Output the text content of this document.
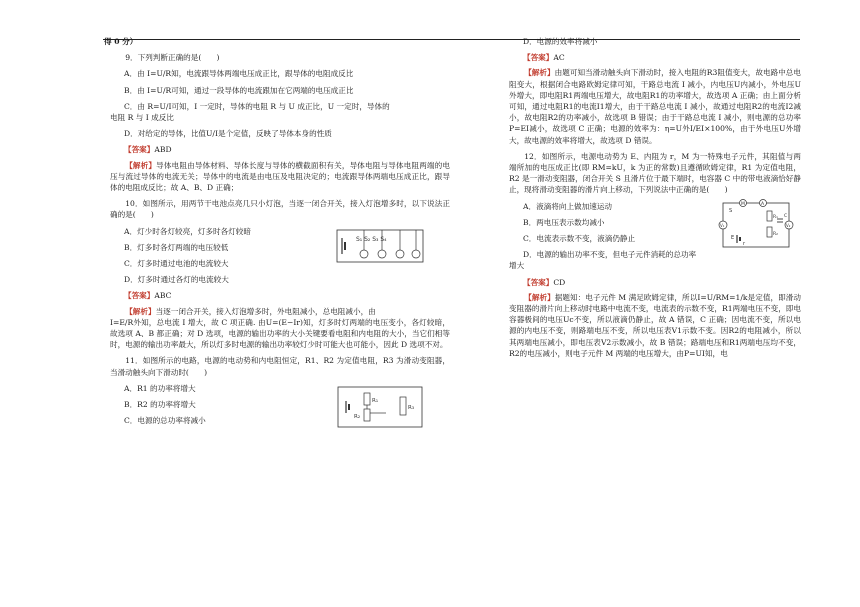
得 0 分）

9．下列判断正确的是(　　)

A．由 I=U/R知，电流跟导体两端电压成正比，跟导体的电阻成反比

B．由 I=U/R可知，通过一段导体的电流跟加在它两端的电压成正比

C．由 R=U/I可知，I 一定时，导体的电阻 R 与 U 成正比，U 一定时，导体的

电阻 R 与 I 成反比

D．对给定的导体，比值U/I是个定值，反映了导体本身的性质

【答案】ABD

【解析】导体电阻由导体材料、导体长度与导体的横截面积有关，导体电阻与导体电阻两端的电压与流过导体的电流无关；导体中的电流是由电压及电阻决定的；电流跟导体两端电压成正比，跟导体的电阻成反比；故 A、B、D 正确；

10．如图所示，用两节干电池点亮几只小灯泡，当逐一闭合开关，接入灯泡增多时，以下说法正确的是(　　)

A．灯少时各灯较亮，灯多时各灯较暗

B．灯多时各灯两端的电压较低

C．灯多时通过电池的电流较大

D．灯多时通过各灯的电流较大

S₁ S₂ S₃ S₄

【答案】ABC

【解析】当逐一闭合开关，接入灯泡增多时，外电阻减小，总电阻减小，由

I=E/R外知，总电流 I 增大，故 C 项正确. 由U=(E−Ir)知，灯多时灯两端的电压变小，各灯较暗，故选项 A、B 都正确；对 D 选项，电源的输出功率的大小关键要看电阻和内电阻的大小，当它们相等时，电源的输出功率最大，所以灯多时电源的输出功率较灯少时可能大也可能小，因此 D 选项不对。

11．如图所示的电路，电源的电动势和内电阻恒定，R1、R2 为定值电阻，R3 为滑动变阻器，当滑动触头向下滑动时(　　)

A．R1 的功率将增大

B．R2 的功率将增大

C．电源的总功率将减小

R₁
R₂
R₃

D．电源的效率将减小

【答案】AC

【解析】由题可知当滑动触头向下滑动时，接入电阻的R3阻值变大，故电路中总电阻变大，根据闭合电路欧姆定律可知，干路总电流 I 减小，内电压U内减小，外电压U外增大，即电阻R1两端电压增大，故电阻R1的功率增大，故选项 A 正确；由上面分析可知，通过电阻R1的电流I1增大，由于干路总电流 I 减小，故通过电阻R2的电流I2减小，故电阻R2的功率减小，故选项 B 错误；由于干路总电流 I 减小，则电源的总功率P=EI减小，故选项 C 正确；电源的效率为：η=U外I/EI×100%，由于外电压U外增大，故电源的效率将增大，故选项 D 错误。

12．如图所示，电源电动势为 E、内阻为 r，M 为一特殊电子元件，其阻值与两端所加的电压成正比(即 RM=kU，k 为正的常数)且遵循欧姆定律，R1 为定值电阻，R2 是一滑动变阻器，闭合开关 S 且滑片位于最下端时，电容器 C 中的带电液滴恰好静止，现将滑动变阻器的滑片向上移动，下列说法中正确的是(　　)

A．液滴将向上做加速运动

B．两电压表示数均减小

C．电流表示数不变，液滴仍静止

D．电源的输出功率不变，但电子元件消耗的总功率

增大

S
M	A
R₁
R₂
C
V₁	V₂
E
r

【答案】CD

【解析】据题知：电子元件 M 满足欧姆定律，所以I=U/RM=1/k是定值，即滑动变阻器的滑片向上移动时电路中电流不变，电流表的示数不变，R1两端电压不变，即电容器极间的电压Uc不变，所以液滴仍静止，故 A 错误，C 正确；因电流不变，所以电源的内电压不变，则路端电压不变，所以电压表V1示数不变。因R2的电阻减小，所以其两端电压减小，即电压表V2示数减小，故 B 错误；路端电压和R1两端电压均不变，R2的电压减小，则电子元件 M 两端的电压增大，由P=UI知，电
